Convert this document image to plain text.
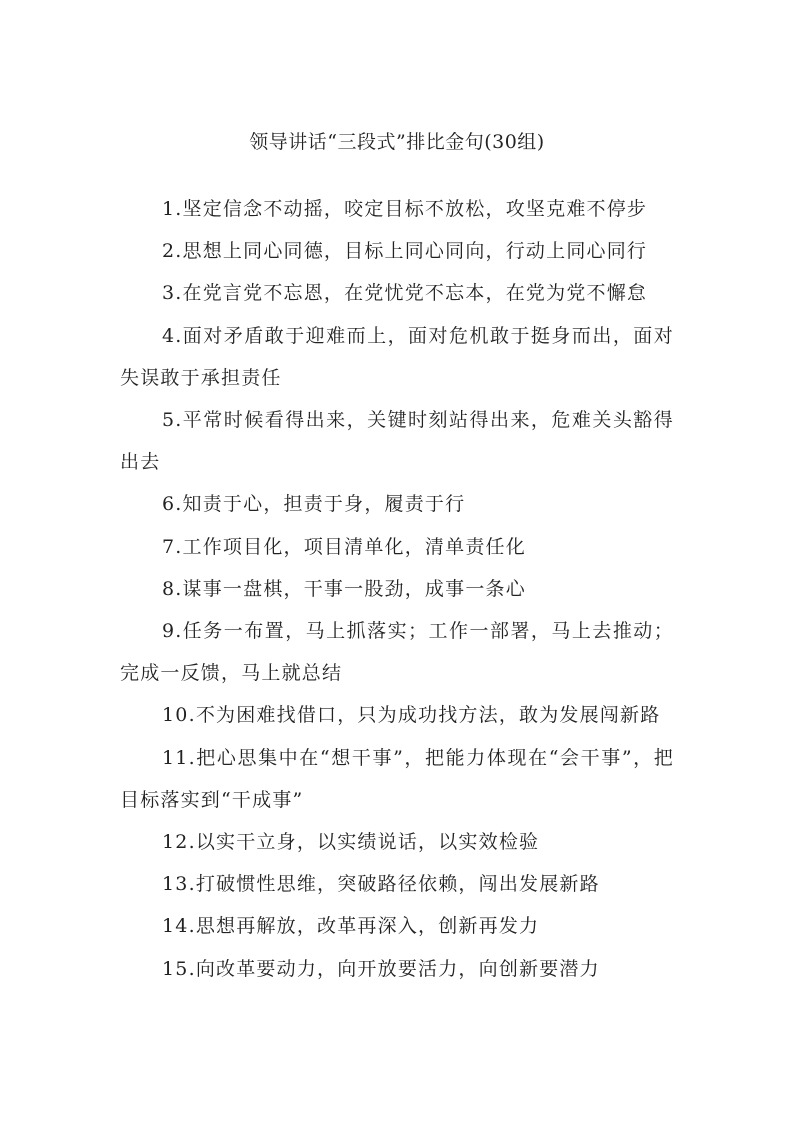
领导讲话“三段式”排比金句(30组)

1.坚定信念不动摇，咬定目标不放松，攻坚克难不停步

2.思想上同心同德，目标上同心同向，行动上同心同行

3.在党言党不忘恩，在党忧党不忘本，在党为党不懈怠

4.面对矛盾敢于迎难而上，面对危机敢于挺身而出，面对失误敢于承担责任

5.平常时候看得出来，关键时刻站得出来，危难关头豁得出去

6.知责于心，担责于身，履责于行

7.工作项目化，项目清单化，清单责任化

8.谋事一盘棋，干事一股劲，成事一条心

9.任务一布置，马上抓落实；工作一部署，马上去推动；完成一反馈，马上就总结

10.不为困难找借口，只为成功找方法，敢为发展闯新路

11.把心思集中在“想干事”，把能力体现在“会干事”，把目标落实到“干成事”

12.以实干立身，以实绩说话，以实效检验

13.打破惯性思维，突破路径依赖，闯出发展新路

14.思想再解放，改革再深入，创新再发力

15.向改革要动力，向开放要活力，向创新要潜力
